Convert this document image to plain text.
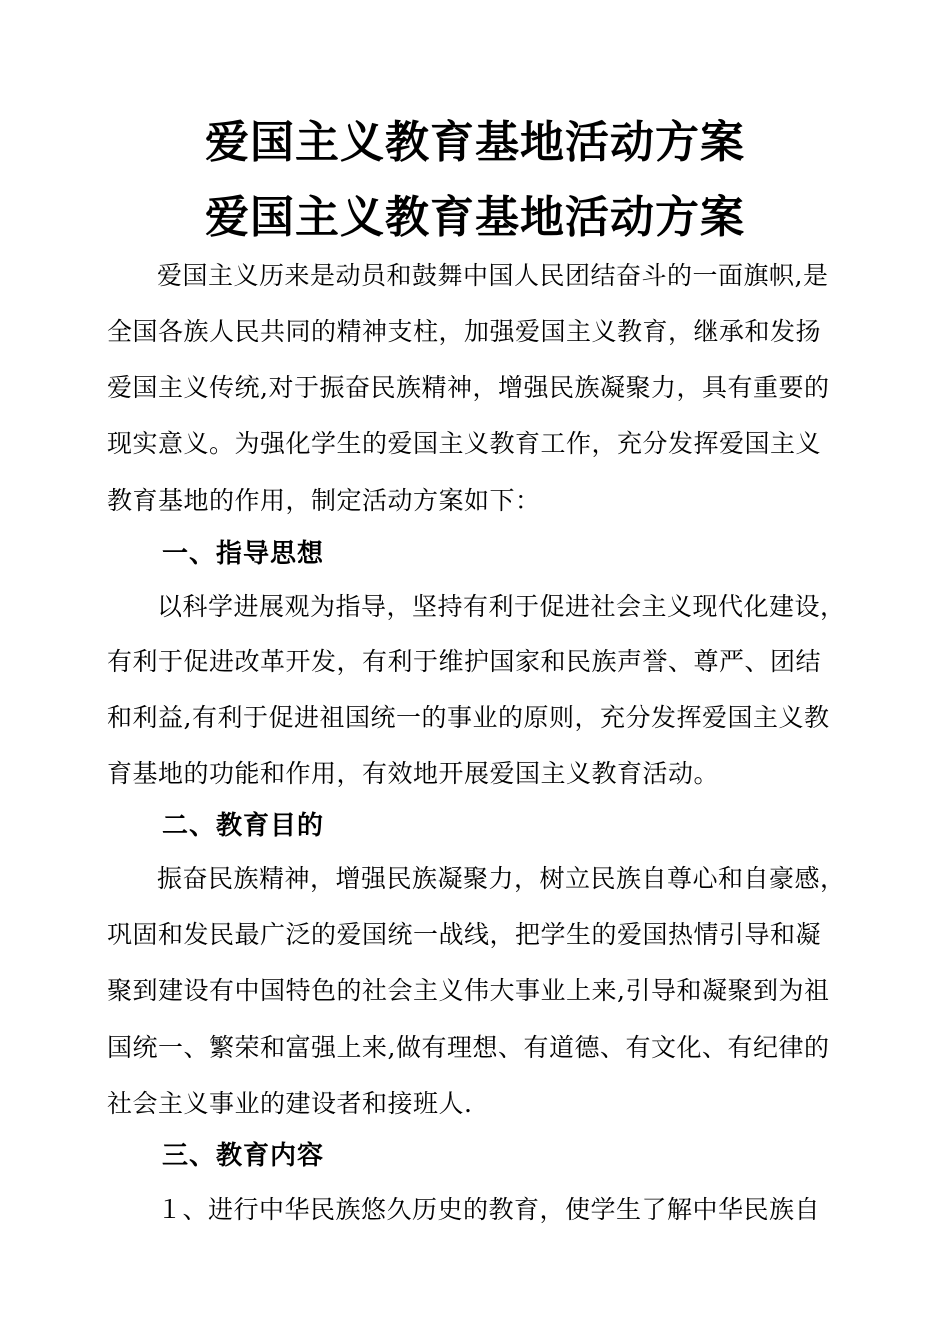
爱国主义教育基地活动方案
爱国主义教育基地活动方案
爱国主义历来是动员和鼓舞中国人民团结奋斗的一面旗帜,是
全国各族人民共同的精神支柱，加强爱国主义教育，继承和发扬
爱国主义传统,对于振奋民族精神，增强民族凝聚力，具有重要的
现实意义。为强化学生的爱国主义教育工作，充分发挥爱国主义
教育基地的作用，制定活动方案如下：
一、指导思想
以科学进展观为指导，坚持有利于促进社会主义现代化建设，
有利于促进改革开发，有利于维护国家和民族声誉、尊严、团结
和利益,有利于促进祖国统一的事业的原则，充分发挥爱国主义教
育基地的功能和作用，有效地开展爱国主义教育活动。
二、教育目的
振奋民族精神，增强民族凝聚力，树立民族自尊心和自豪感，
巩固和发民最广泛的爱国统一战线，把学生的爱国热情引导和凝
聚到建设有中国特色的社会主义伟大事业上来,引导和凝聚到为祖
国统一、繁荣和富强上来,做有理想、有道德、有文化、有纪律的
社会主义事业的建设者和接班人.
三、教育内容
１、进行中华民族悠久历史的教育，使学生了解中华民族自
